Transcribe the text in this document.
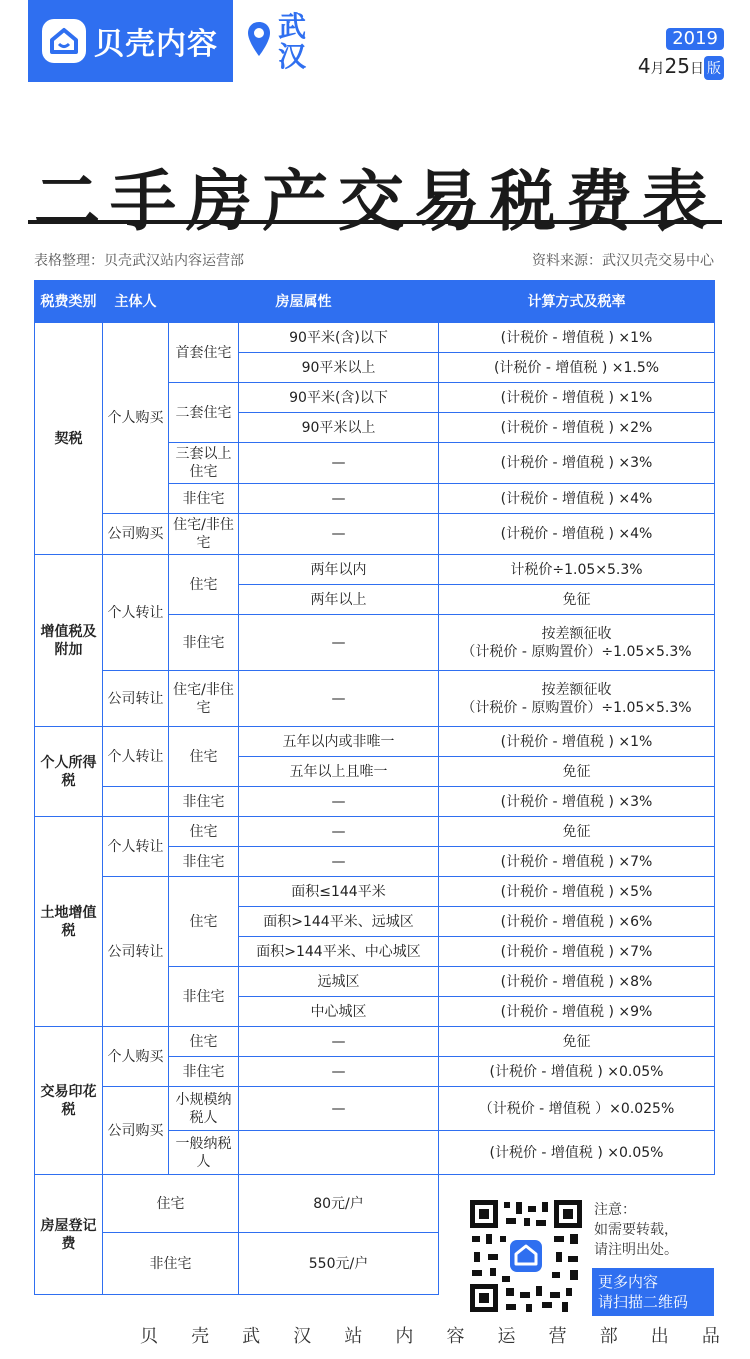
贝壳内容
武汉
2019
4月25日 版
二手房产交易税费表
表格整理：贝壳武汉站内容运营部	资料来源：武汉贝壳交易中心
税费类别	主体人	房屋属性		计算方式及税率
契税	个人购买	首套住宅	90平米(含)以下	(计税价 - 增值税 ) ×1%
			90平米以上	(计税价 - 增值税 ) ×1.5%
		二套住宅	90平米(含)以下	(计税价 - 增值税 ) ×1%
			90平米以上	(计税价 - 增值税 ) ×2%
		三套以上住宅	—	(计税价 - 增值税 ) ×3%

		非住宅	—	(计税价 - 增值税 ) ×4%
	公司购买	住宅/非住宅	—	(计税价 - 增值税 ) ×4%
增值税及附加	个人转让	住宅	两年以内	计税价÷1.05×5.3%
			两年以上	免征
		非住宅	—	按差额征收
（计税价 - 原购置价）÷1.05×5.3%

	公司转让	住宅/非住宅	—	按差额征收
（计税价 - 原购置价）÷1.05×5.3%

个人所得税	个人转让	住宅	五年以内或非唯一	(计税价 - 增值税 ) ×1%
			五年以上且唯一	免征
		非住宅	—	(计税价 - 增值税 ) ×3%
土地增值税	个人转让	住宅	—	免征
		非住宅	—	(计税价 - 增值税 ) ×7%
	公司转让	住宅	面积≤144平米	(计税价 - 增值税 ) ×5%
			面积>144平米、远城区	(计税价 - 增值税 ) ×6%
			面积>144平米、中心城区	(计税价 - 增值税 ) ×7%
		非住宅	远城区	(计税价 - 增值税 ) ×8%
			中心城区	(计税价 - 增值税 ) ×9%
交易印花税	个人购买	住宅	—	免征
		非住宅	—	(计税价 - 增值税 ) ×0.05%
	公司购买	小规模纳税人	—	（计税价 - 增值税 ）×0.025%
		一般纳税人		(计税价 - 增值税 ) ×0.05%
房屋登记费	住宅		80元/户	
	非住宅		550元/户	
注意：
如需要转载，
请注明出处。
更多内容
请扫描二维码
贝 壳 武 汉 站 内 容 运 营 部 出 品
